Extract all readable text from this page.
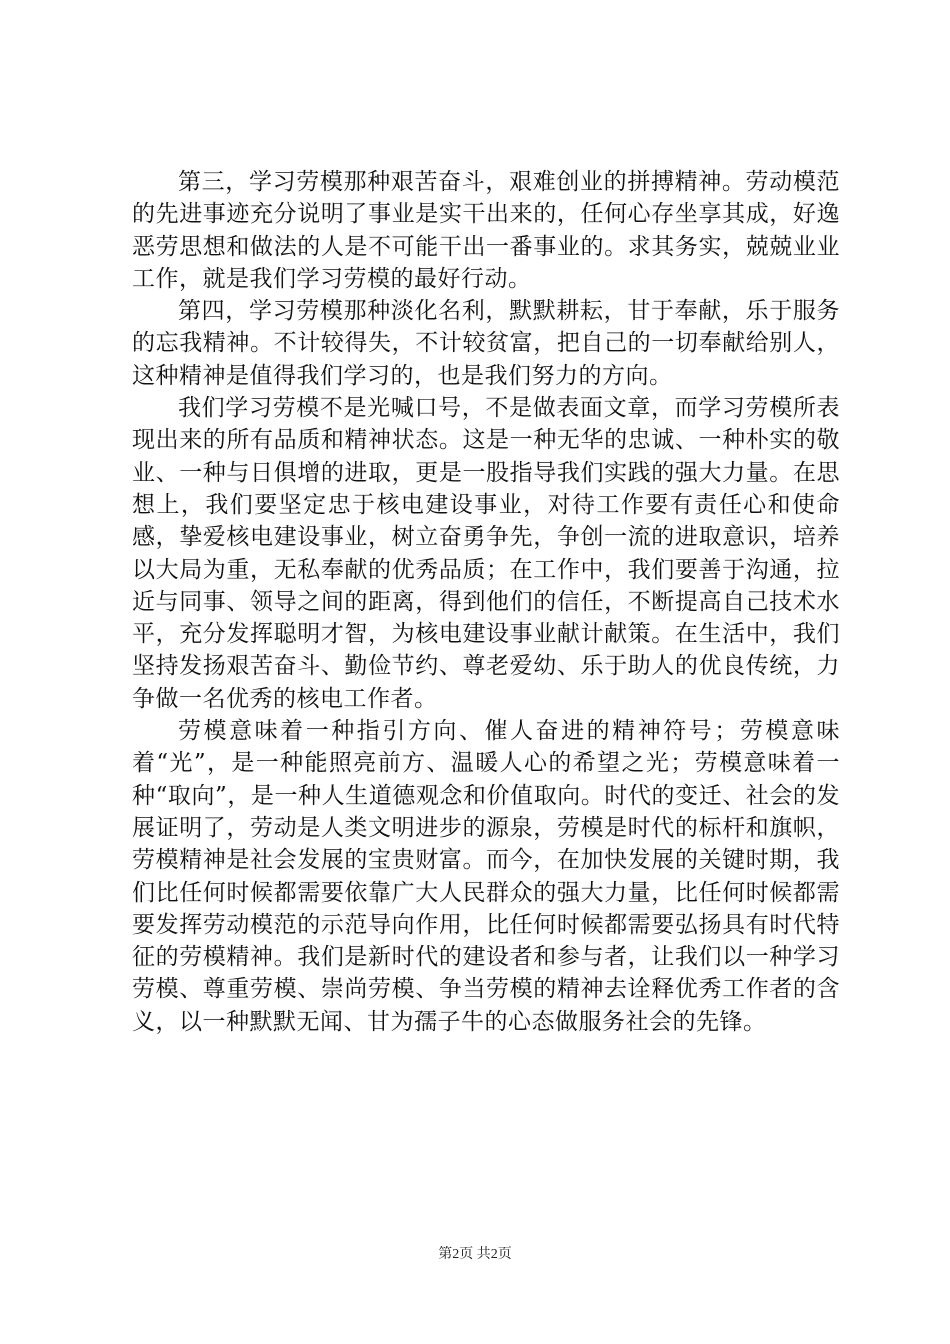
第三，学习劳模那种艰苦奋斗，艰难创业的拼搏精神。劳动模范的先进事迹充分说明了事业是实干出来的，任何心存坐享其成，好逸恶劳思想和做法的人是不可能干出一番事业的。求其务实，兢兢业业工作，就是我们学习劳模的最好行动。

第四，学习劳模那种淡化名利，默默耕耘，甘于奉献，乐于服务的忘我精神。不计较得失，不计较贫富，把自己的一切奉献给别人，这种精神是值得我们学习的，也是我们努力的方向。

我们学习劳模不是光喊口号，不是做表面文章，而学习劳模所表现出来的所有品质和精神状态。这是一种无华的忠诚、一种朴实的敬业、一种与日俱增的进取，更是一股指导我们实践的强大力量。在思想上，我们要坚定忠于核电建设事业，对待工作要有责任心和使命感，挚爱核电建设事业，树立奋勇争先，争创一流的进取意识，培养以大局为重，无私奉献的优秀品质；在工作中，我们要善于沟通，拉近与同事、领导之间的距离，得到他们的信任，不断提高自己技术水平，充分发挥聪明才智，为核电建设事业献计献策。在生活中，我们坚持发扬艰苦奋斗、勤俭节约、尊老爱幼、乐于助人的优良传统，力争做一名优秀的核电工作者。

劳模意味着一种指引方向、催人奋进的精神符号；劳模意味着“光”，是一种能照亮前方、温暖人心的希望之光；劳模意味着一种“取向”，是一种人生道德观念和价值取向。时代的变迁、社会的发展证明了，劳动是人类文明进步的源泉，劳模是时代的标杆和旗帜，劳模精神是社会发展的宝贵财富。而今，在加快发展的关键时期，我们比任何时候都需要依靠广大人民群众的强大力量，比任何时候都需要发挥劳动模范的示范导向作用，比任何时候都需要弘扬具有时代特征的劳模精神。我们是新时代的建设者和参与者，让我们以一种学习劳模、尊重劳模、崇尚劳模、争当劳模的精神去诠释优秀工作者的含义，以一种默默无闻、甘为孺子牛的心态做服务社会的先锋。

第2页 共2页
